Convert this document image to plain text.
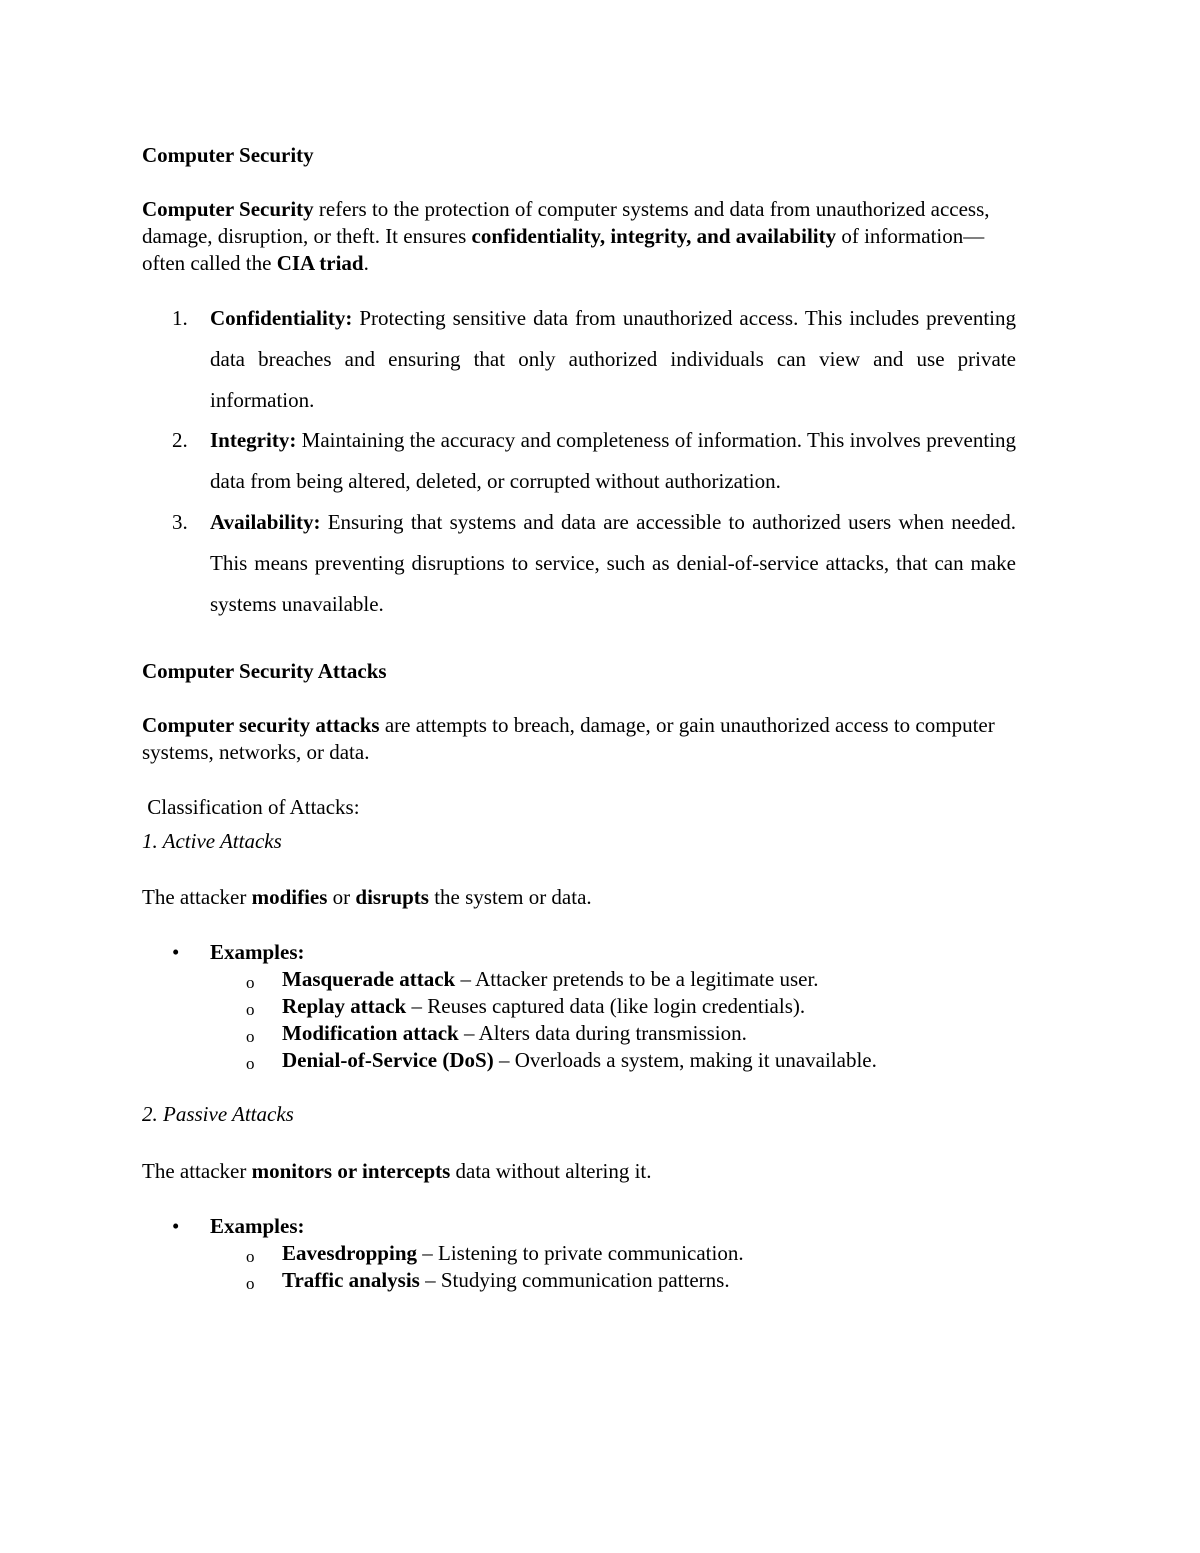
Computer Security
Computer Security refers to the protection of computer systems and data from unauthorized access, damage, disruption, or theft. It ensures confidentiality, integrity, and availability of information—often called the CIA triad.
1. Confidentiality: Protecting sensitive data from unauthorized access. This includes preventing data breaches and ensuring that only authorized individuals can view and use private information.
2. Integrity: Maintaining the accuracy and completeness of information. This involves preventing data from being altered, deleted, or corrupted without authorization.
3. Availability: Ensuring that systems and data are accessible to authorized users when needed. This means preventing disruptions to service, such as denial-of-service attacks, that can make systems unavailable.
Computer Security Attacks
Computer security attacks are attempts to breach, damage, or gain unauthorized access to computer systems, networks, or data.
Classification of Attacks:
1. Active Attacks
The attacker modifies or disrupts the system or data.
• Examples:
o Masquerade attack – Attacker pretends to be a legitimate user.
o Replay attack – Reuses captured data (like login credentials).
o Modification attack – Alters data during transmission.
o Denial-of-Service (DoS) – Overloads a system, making it unavailable.
2. Passive Attacks
The attacker monitors or intercepts data without altering it.
• Examples:
o Eavesdropping – Listening to private communication.
o Traffic analysis – Studying communication patterns.
